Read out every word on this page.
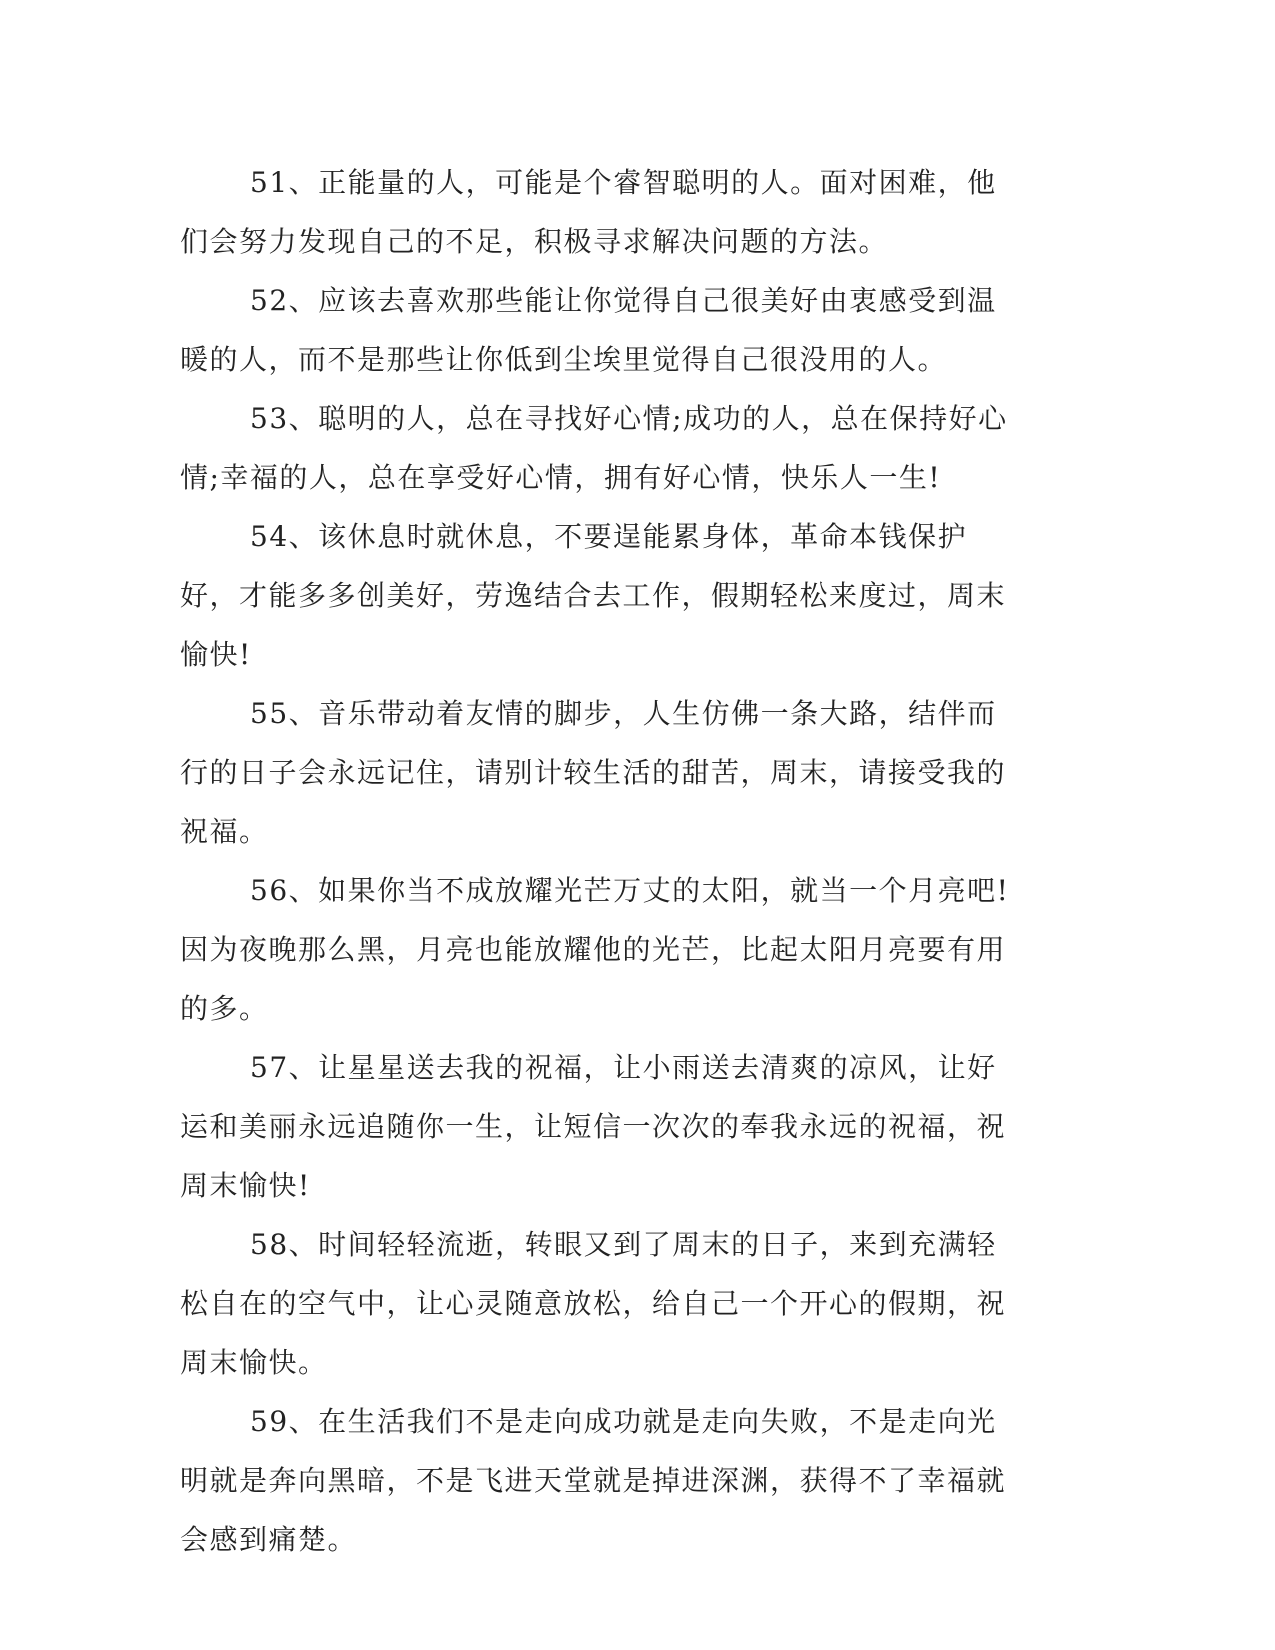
51、正能量的人，可能是个睿智聪明的人。面对困难，他们会努力发现自己的不足，积极寻求解决问题的方法。

52、应该去喜欢那些能让你觉得自己很美好由衷感受到温暖的人，而不是那些让你低到尘埃里觉得自己很没用的人。

53、聪明的人，总在寻找好心情;成功的人，总在保持好心情;幸福的人，总在享受好心情，拥有好心情，快乐人一生!

54、该休息时就休息，不要逞能累身体，革命本钱保护好，才能多多创美好，劳逸结合去工作，假期轻松来度过，周末愉快!

55、音乐带动着友情的脚步，人生仿佛一条大路，结伴而行的日子会永远记住，请别计较生活的甜苦，周末，请接受我的祝福。

56、如果你当不成放耀光芒万丈的太阳，就当一个月亮吧!因为夜晚那么黑，月亮也能放耀他的光芒，比起太阳月亮要有用的多。

57、让星星送去我的祝福，让小雨送去清爽的凉风，让好运和美丽永远追随你一生，让短信一次次的奉我永远的祝福，祝周末愉快!

58、时间轻轻流逝，转眼又到了周末的日子，来到充满轻松自在的空气中，让心灵随意放松，给自己一个开心的假期，祝周末愉快。

59、在生活我们不是走向成功就是走向失败，不是走向光明就是奔向黑暗，不是飞进天堂就是掉进深渊，获得不了幸福就会感到痛楚。
